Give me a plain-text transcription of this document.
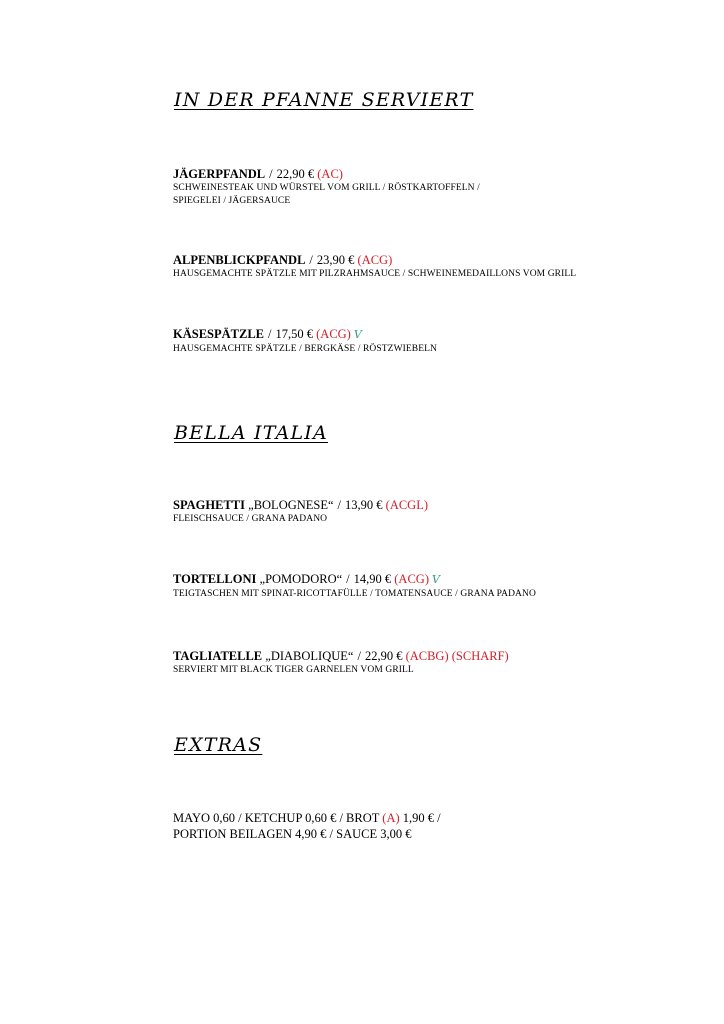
IN DER PFANNE SERVIERT
JÄGERPFANDL / 22,90 € (AC)
SCHWEINESTEAK UND WÜRSTEL VOM GRILL / RÖSTKARTOFFELN /
SPIEGELEI / JÄGERSAUCE
ALPENBLICKPFANDL / 23,90 € (ACG)
HAUSGEMACHTE SPÄTZLE MIT PILZRAHMSAUCE / SCHWEINEMEDAILLONS VOM GRILL
KÄSESPÄTZLE / 17,50 € (ACG) V
HAUSGEMACHTE SPÄTZLE / BERGKÄSE / RÖSTZWIEBELN
BELLA ITALIA
SPAGHETTI „BOLOGNESE“ / 13,90 € (ACGL)
FLEISCHSAUCE / GRANA PADANO
TORTELLONI „POMODORO“ / 14,90 € (ACG) V
TEIGTASCHEN MIT SPINAT-RICOTTAFÜLLE / TOMATENSAUCE / GRANA PADANO
TAGLIATELLE „DIABOLIQUE“ / 22,90 € (ACBG) (SCHARF)
SERVIERT MIT BLACK TIGER GARNELEN VOM GRILL
EXTRAS
MAYO 0,60 / KETCHUP 0,60 € / BROT (A) 1,90 € /
PORTION BEILAGEN 4,90 € / SAUCE 3,00 €
